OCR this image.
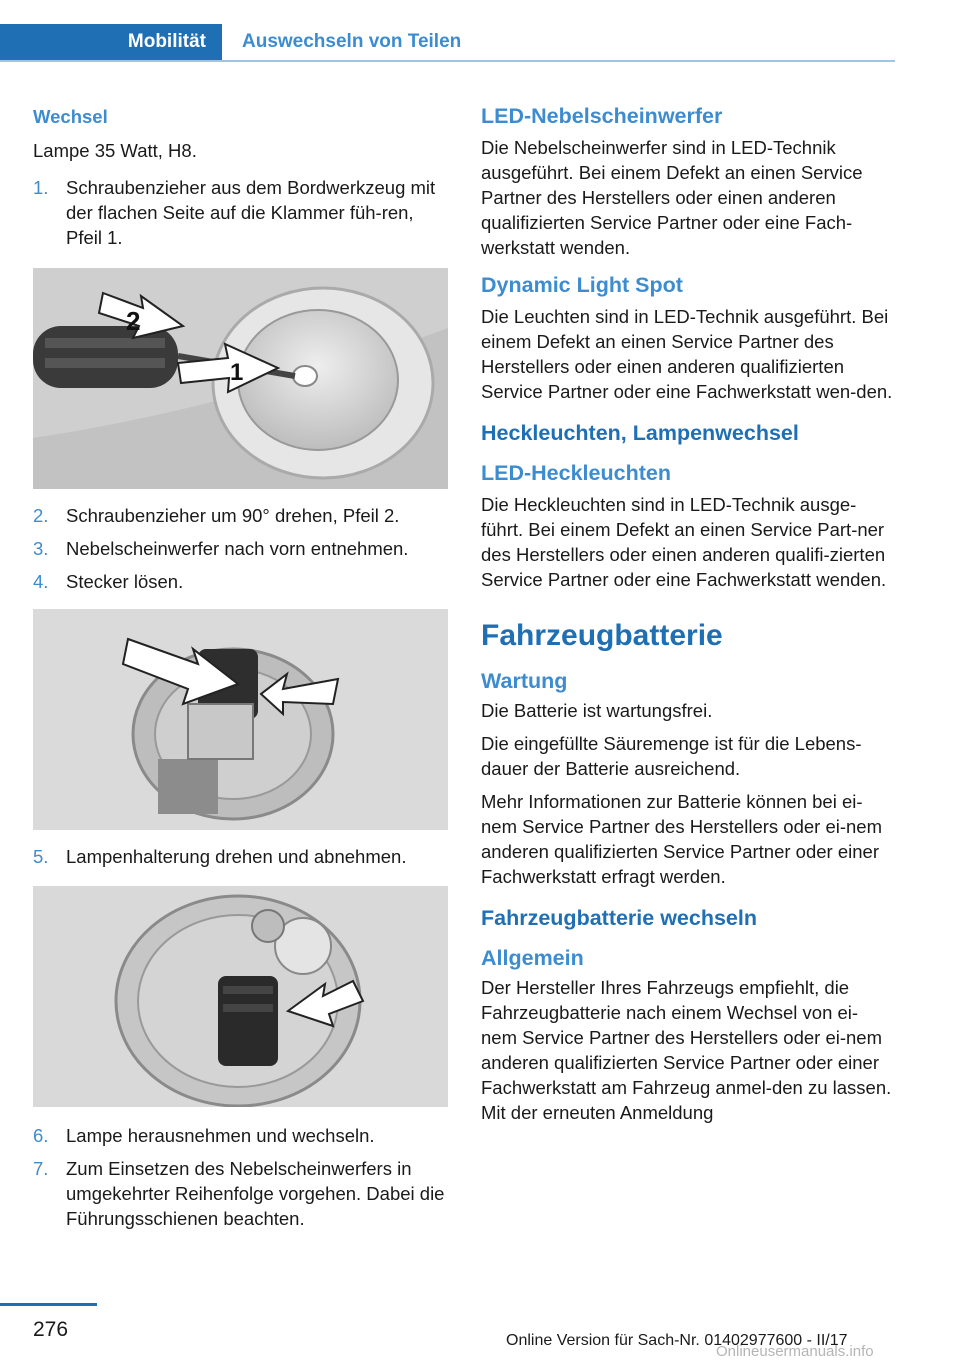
Mobilität	Auswechseln von Teilen
Wechsel

Lampe 35 Watt, H8.

1. Schraubenzieher aus dem Bordwerkzeug mit der flachen Seite auf die Klammer füh-ren, Pfeil 1.
2
1
2. Schraubenzieher um 90° drehen, Pfeil 2.
3. Nebelscheinwerfer nach vorn entnehmen.
4. Stecker lösen.
5. Lampenhalterung drehen und abnehmen.
6. Lampe herausnehmen und wechseln.
7. Zum Einsetzen des Nebelscheinwerfers in umgekehrter Reihenfolge vorgehen. Dabei die Führungsschienen beachten.
LED-Nebelscheinwerfer

Die Nebelscheinwerfer sind in LED-Technik ausgeführt. Bei einem Defekt an einen Service Partner des Herstellers oder einen anderen qualifizierten Service Partner oder eine Fach-werkstatt wenden.

Dynamic Light Spot

Die Leuchten sind in LED-Technik ausgeführt. Bei einem Defekt an einen Service Partner des Herstellers oder einen anderen qualifizierten Service Partner oder eine Fachwerkstatt wen-den.

Heckleuchten, Lampenwechsel
LED-Heckleuchten

Die Heckleuchten sind in LED-Technik ausge-führt. Bei einem Defekt an einen Service Part-ner des Herstellers oder einen anderen qualifi-zierten Service Partner oder eine Fachwerkstatt wenden.

Fahrzeugbatterie
Wartung

Die Batterie ist wartungsfrei.

Die eingefüllte Säuremenge ist für die Lebens-dauer der Batterie ausreichend.

Mehr Informationen zur Batterie können bei ei-nem Service Partner des Herstellers oder ei-nem anderen qualifizierten Service Partner oder einer Fachwerkstatt erfragt werden.

Fahrzeugbatterie wechseln
Allgemein

Der Hersteller Ihres Fahrzeugs empfiehlt, die Fahrzeugbatterie nach einem Wechsel von ei-nem Service Partner des Herstellers oder ei-nem anderen qualifizierten Service Partner oder einer Fachwerkstatt am Fahrzeug anmel-den zu lassen. Mit der erneuten Anmeldung

276	Online Version für Sach-Nr. 01402977600 - II/17
Onlineusermanuals.info
